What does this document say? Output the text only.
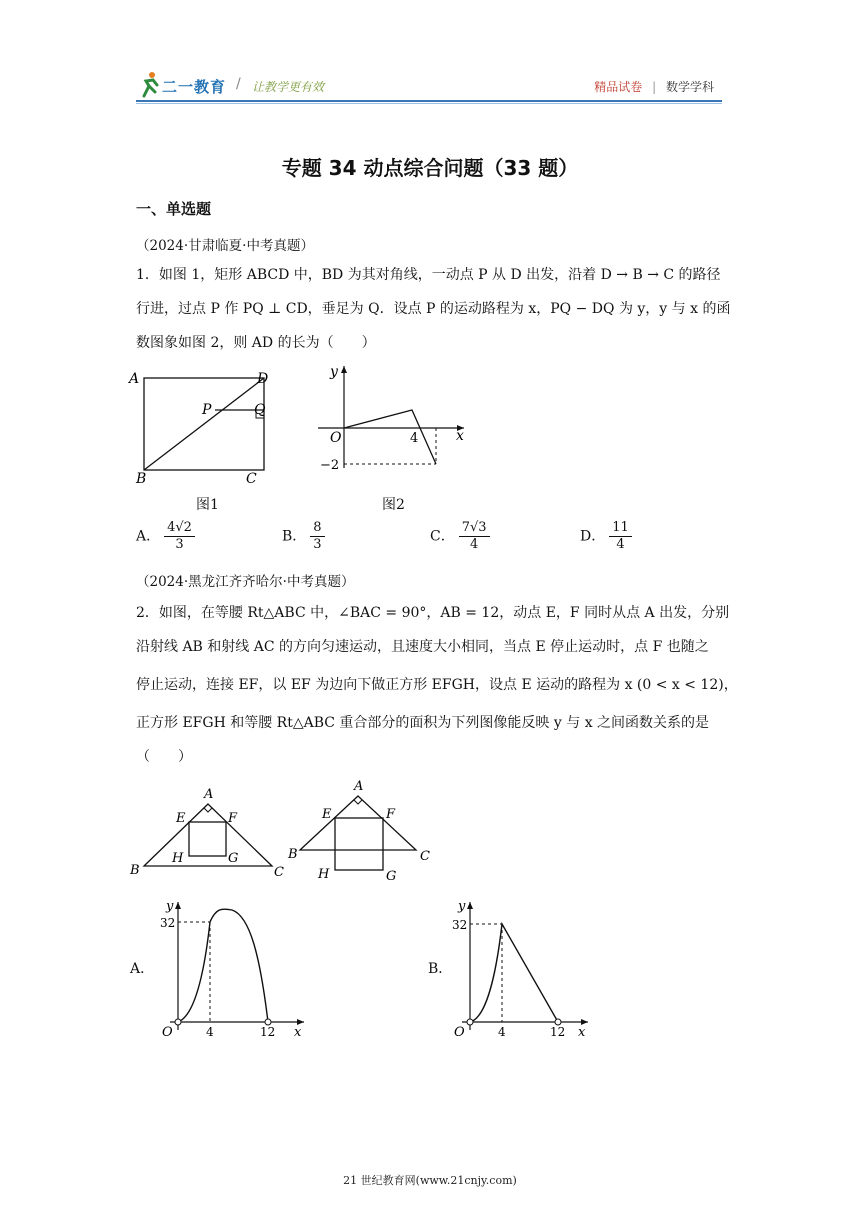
二一教育 / 让教学更有效	精品试卷 | 数学学科
专题 34 动点综合问题（33 题）
一、单选题
（2024·甘肃临夏·中考真题）
1．如图 1，矩形 ABCD 中，BD 为其对角线，一动点 P 从 D 出发，沿着 D → B → C 的路径
行进，过点 P 作 PQ ⊥ CD，垂足为 Q．设点 P 的运动路程为 x，PQ − DQ 为 y，y 与 x 的函
数图象如图 2，则 AD 的长为（　　）
A	D
P	Q
B	C
图1
y
x
O	4
−2
图2
A． $\frac{4√2}{3}$	B． $\frac{8}{3}$	C． $\frac{7√3}{4}$	D． $\frac{11}{4}$
（2024·黑龙江齐齐哈尔·中考真题）
2．如图，在等腰 Rt△ABC 中，∠BAC = 90°，AB = 12，动点 E，F 同时从点 A 出发，分别
沿射线 AB 和射线 AC 的方向匀速运动，且速度大小相同，当点 E 停止运动时，点 F 也随之
停止运动，连接 EF，以 EF 为边向下做正方形 EFGH，设点 E 运动的路程为 x (0 < x < 12)，
正方形 EFGH 和等腰 Rt△ABC 重合部分的面积为下列图像能反映 y 与 x 之间函数关系的是
（　　）
A
E	F
H	G
B	C
A
E	F
B	C
H	G
A．
y
32
O	4	12 x
B．
y
32
O	4	12 x
21 世纪教育网(www.21cnjy.com)
